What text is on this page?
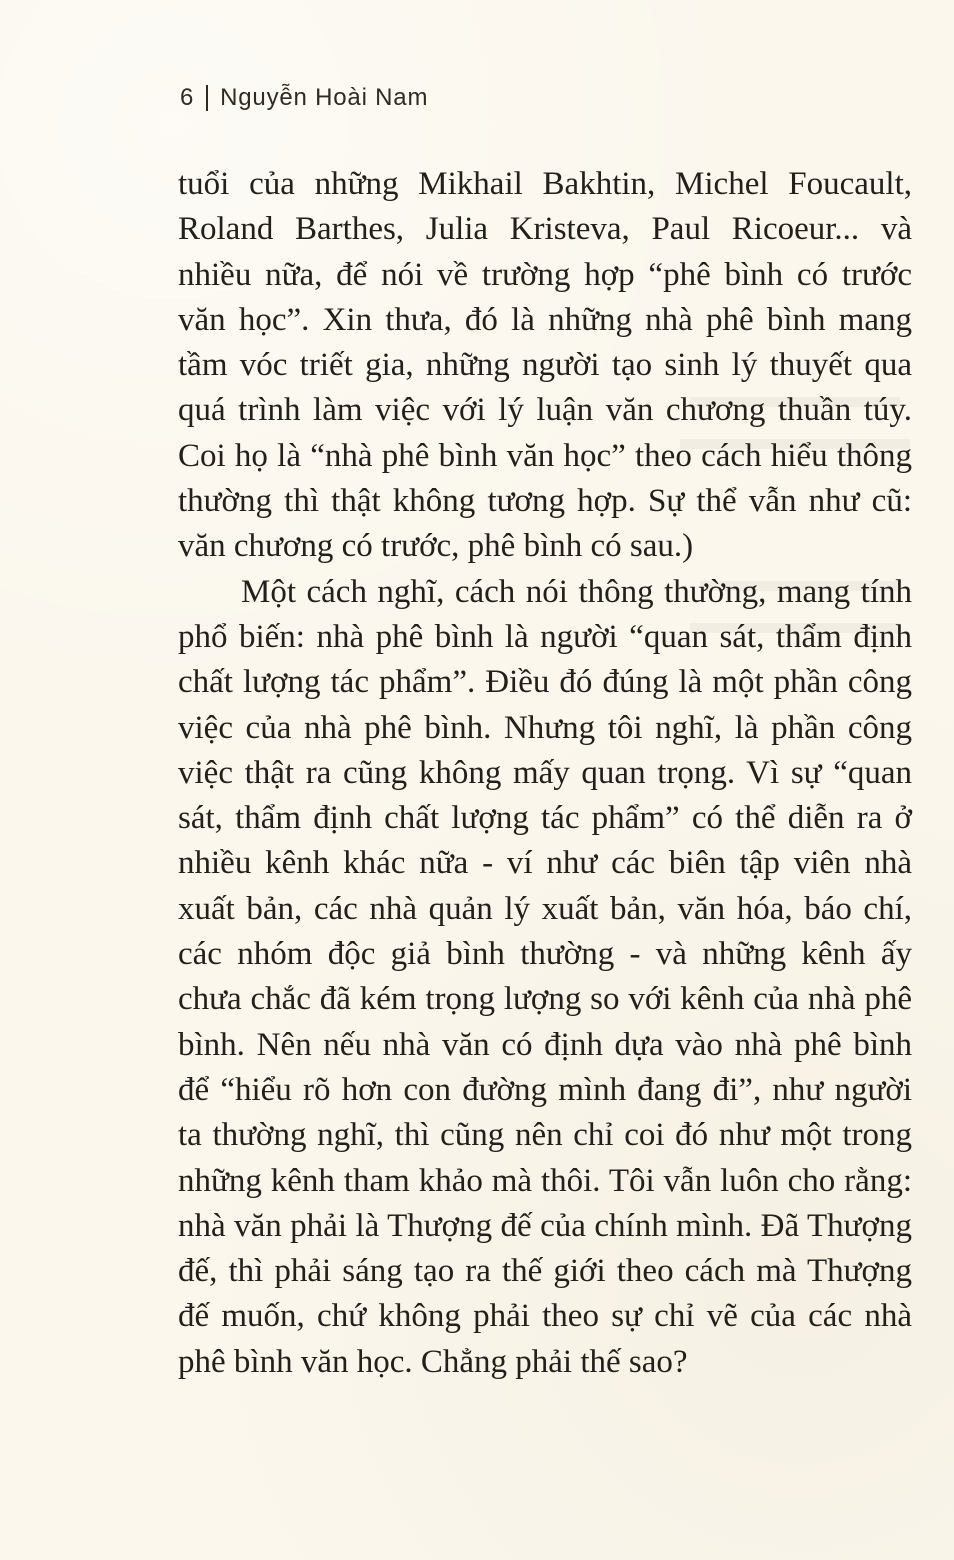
6 Nguyễn Hoài Nam

tuổi của những Mikhail Bakhtin, Michel Foucault, Roland Barthes, Julia Kristeva, Paul Ricoeur... và nhiều nữa, để nói về trường hợp “phê bình có trước văn học”. Xin thưa, đó là những nhà phê bình mang tầm vóc triết gia, những người tạo sinh lý thuyết qua quá trình làm việc với lý luận văn chương thuần túy. Coi họ là “nhà phê bình văn học” theo cách hiểu thông thường thì thật không tương hợp. Sự thể vẫn như cũ: văn chương có trước, phê bình có sau.)

Một cách nghĩ, cách nói thông thường, mang tính phổ biến: nhà phê bình là người “quan sát, thẩm định chất lượng tác phẩm”. Điều đó đúng là một phần công việc của nhà phê bình. Nhưng tôi nghĩ, là phần công việc thật ra cũng không mấy quan trọng. Vì sự “quan sát, thẩm định chất lượng tác phẩm” có thể diễn ra ở nhiều kênh khác nữa - ví như các biên tập viên nhà xuất bản, các nhà quản lý xuất bản, văn hóa, báo chí, các nhóm độc giả bình thường - và những kênh ấy chưa chắc đã kém trọng lượng so với kênh của nhà phê bình. Nên nếu nhà văn có định dựa vào nhà phê bình để “hiểu rõ hơn con đường mình đang đi”, như người ta thường nghĩ, thì cũng nên chỉ coi đó như một trong những kênh tham khảo mà thôi. Tôi vẫn luôn cho rằng: nhà văn phải là Thượng đế của chính mình. Đã Thượng đế, thì phải sáng tạo ra thế giới theo cách mà Thượng đế muốn, chứ không phải theo sự chỉ vẽ của các nhà phê bình văn học. Chẳng phải thế sao?
